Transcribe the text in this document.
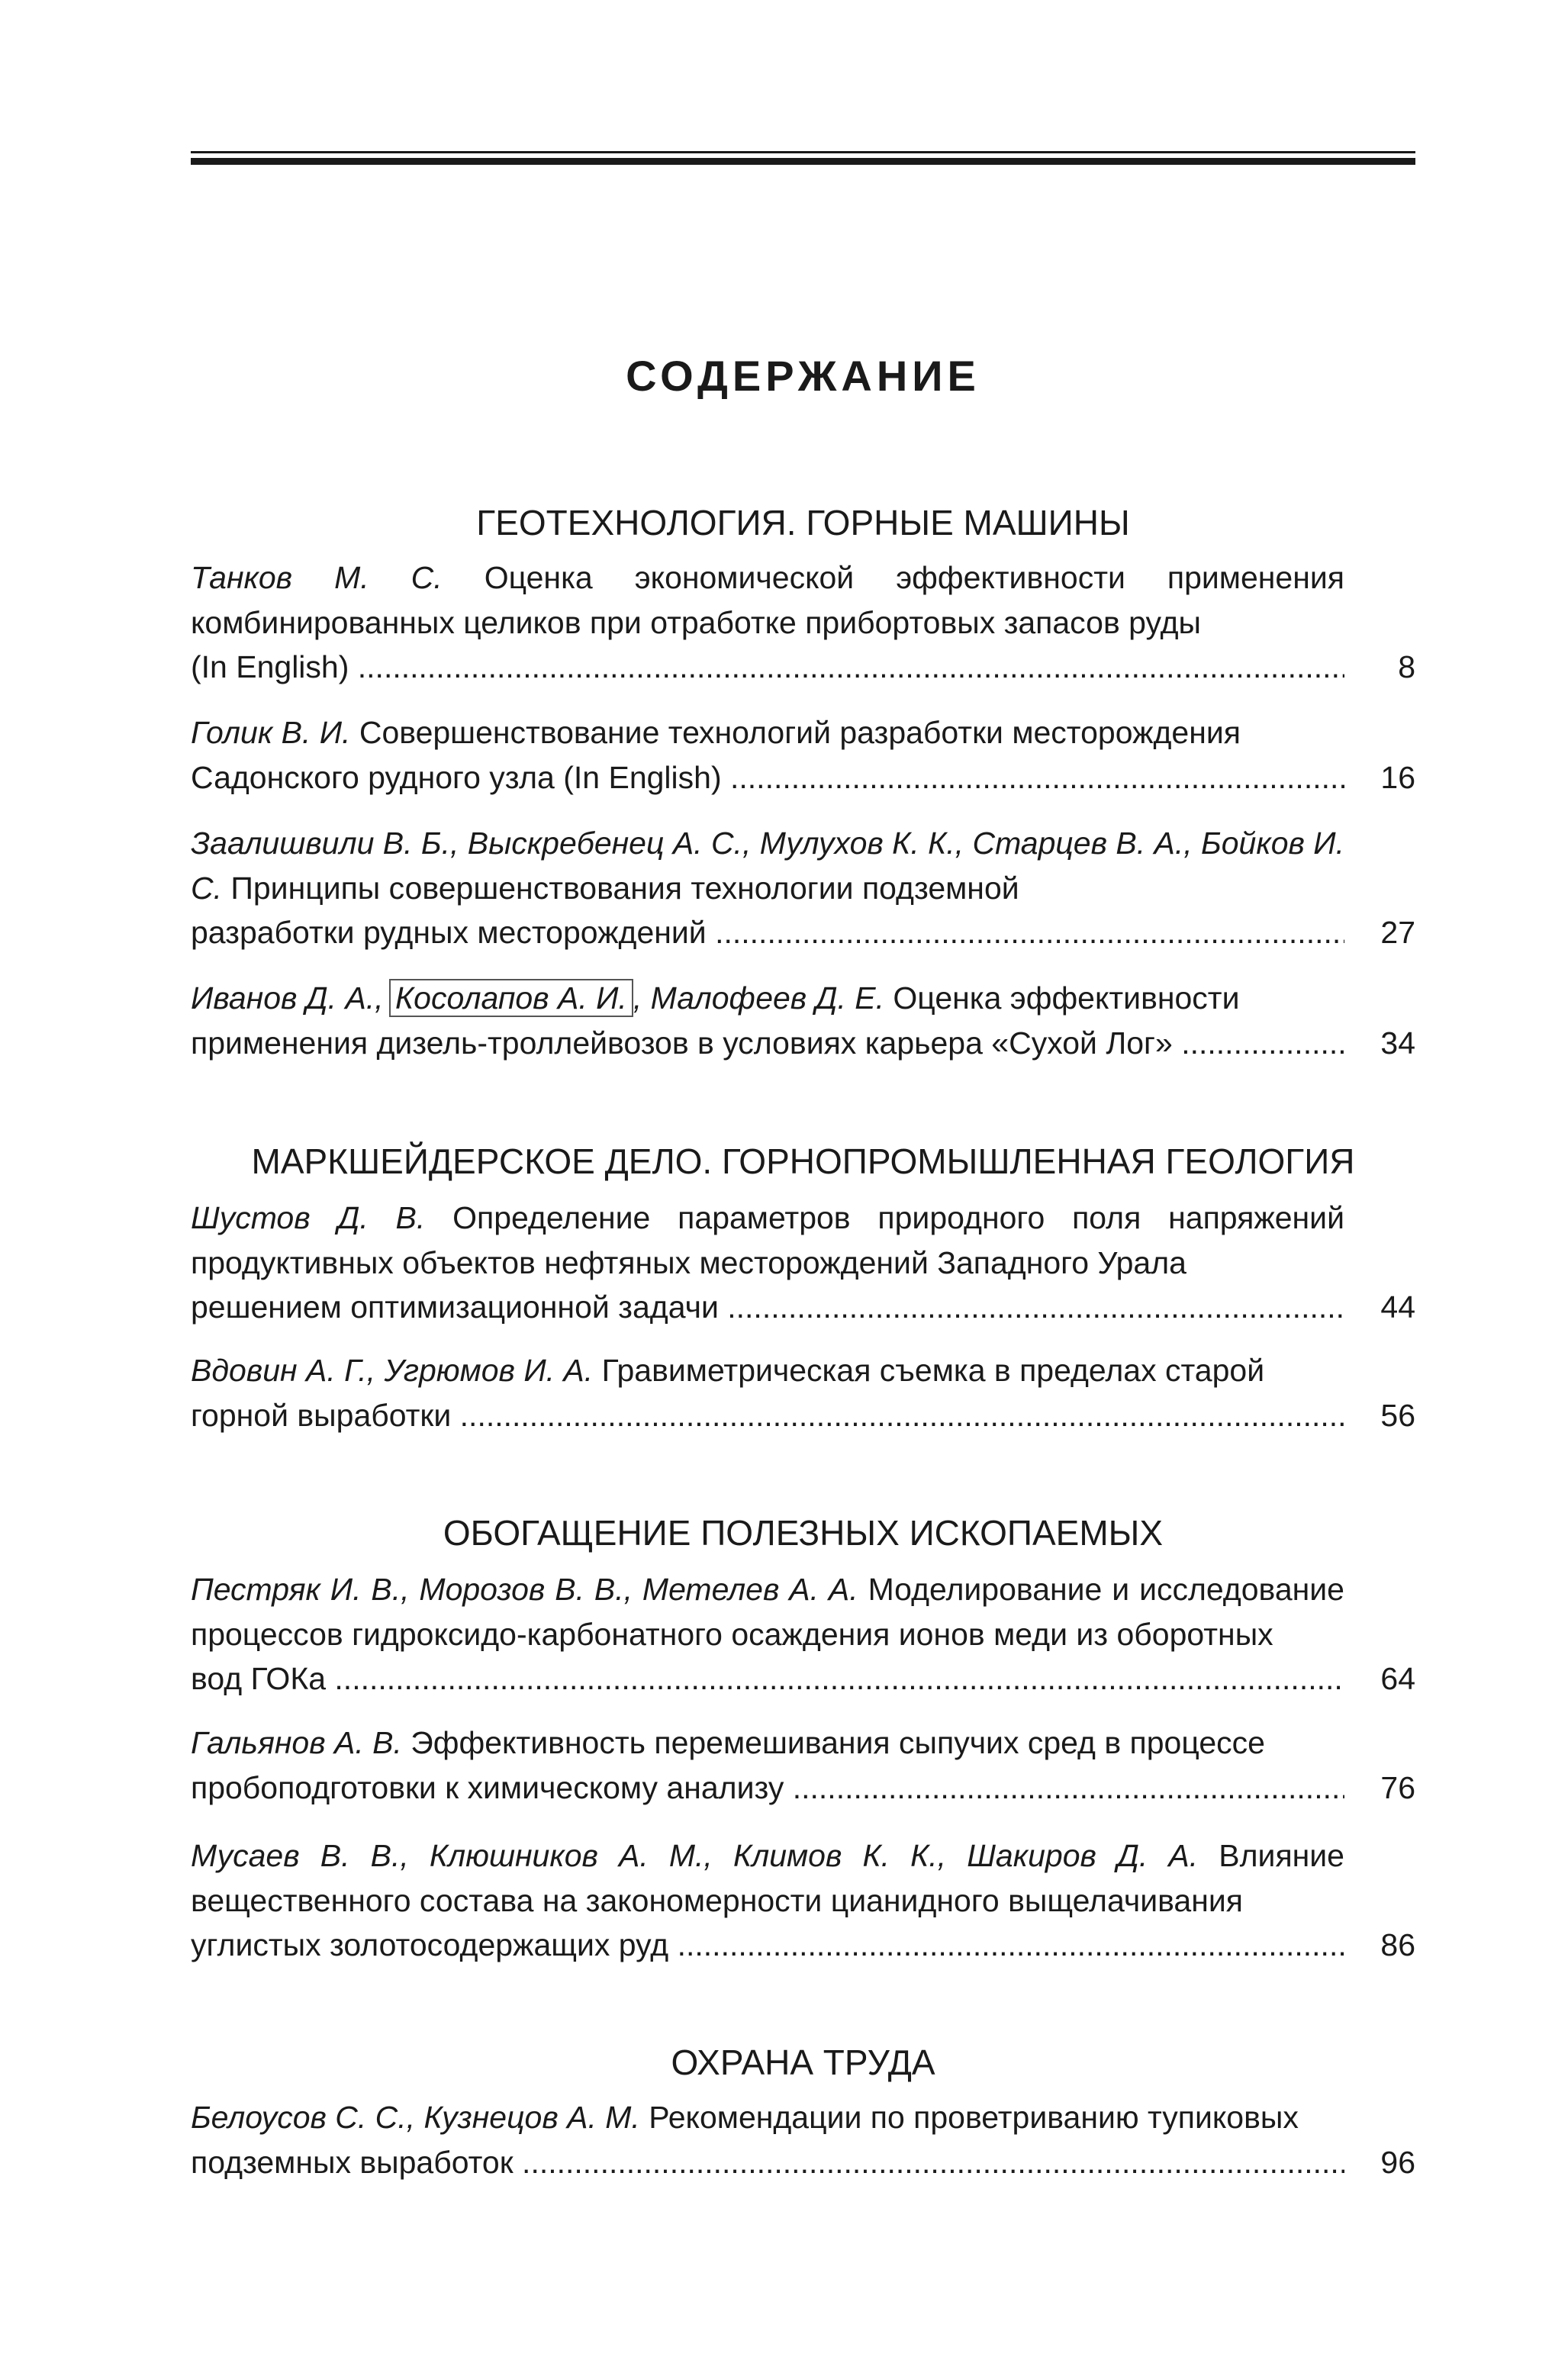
СОДЕРЖАНИЕ
ГЕОТЕХНОЛОГИЯ. ГОРНЫЕ МАШИНЫ
Танков М. С. Оценка экономической эффективности применения комбинированных целиков при отработке прибортовых запасов руды
(In English) .....	8
Голик В. И. Совершенствование технологий разработки месторождения
Садонского рудного узла (In English) .....	16
Заалишвили В. Б., Выскребенец А. С., Мулухов К. К., Старцев В. А., Бойков И. С. Принципы совершенствования технологии подземной
разработки рудных месторождений .....	27
Иванов Д. А., Косолапов А. И. , Малофеев Д. Е. Оценка эффективности
применения дизель-троллейвозов в условиях карьера «Сухой Лог» .....	34
МАРКШЕЙДЕРСКОЕ ДЕЛО. ГОРНОПРОМЫШЛЕННАЯ ГЕОЛОГИЯ
Шустов Д. В. Определение параметров природного поля напряжений продуктивных объектов нефтяных месторождений Западного Урала
решением оптимизационной задачи .....	44
Вдовин А. Г., Угрюмов И. А. Гравиметрическая съемка в пределах старой
горной выработки .....	56
ОБОГАЩЕНИЕ ПОЛЕЗНЫХ ИСКОПАЕМЫХ
Пестряк И. В., Морозов В. В., Метелев А. А. Моделирование и исследование процессов гидроксидо-карбонатного осаждения ионов меди из оборотных
вод ГОКа .....	64
Гальянов А. В. Эффективность перемешивания сыпучих сред в процессе
пробоподготовки к химическому анализу .....	76
Мусаев В. В., Клюшников А. М., Климов К. К., Шакиров Д. А. Влияние вещественного состава на закономерности цианидного выщелачивания
углистых золотосодержащих руд .....	86
ОХРАНА ТРУДА
Белоусов С. С., Кузнецов А. М. Рекомендации по проветриванию тупиковых
подземных выработок .....	96
